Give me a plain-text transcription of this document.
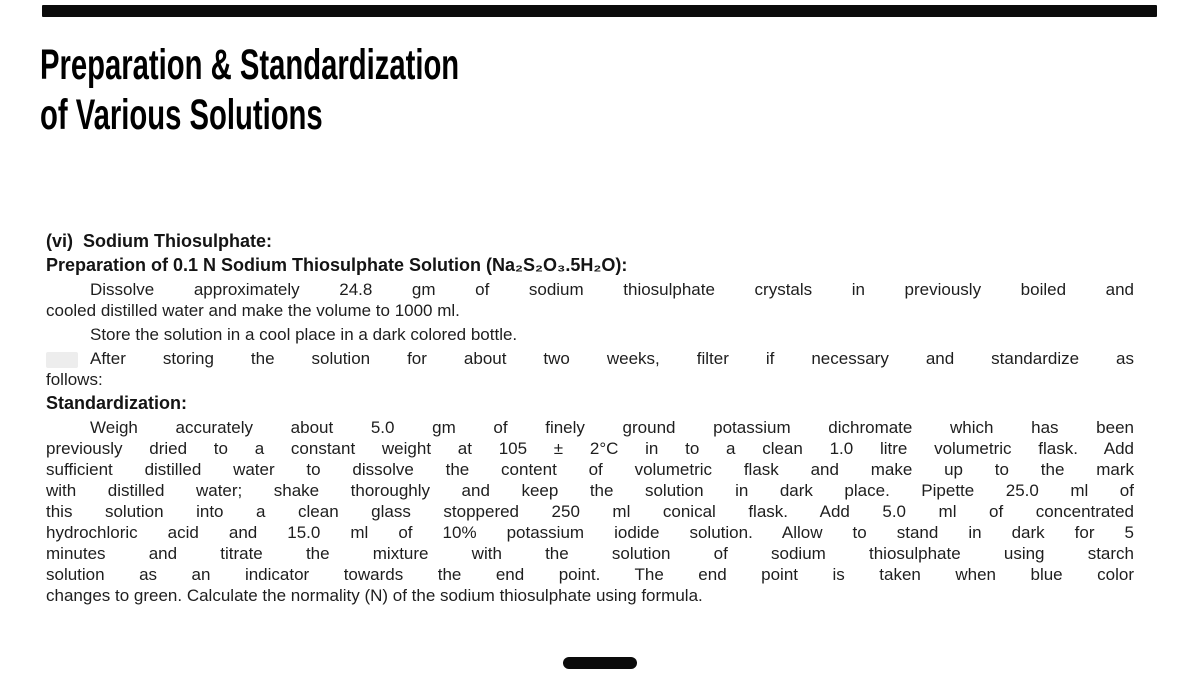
Preparation & Standardization
of Various Solutions
(vi)  Sodium Thiosulphate:
Preparation of 0.1 N Sodium Thiosulphate Solution (Na₂S₂O₃.5H₂O):
Dissolve approximately 24.8 gm of sodium thiosulphate crystals in previously boiled and
cooled distilled water and make the volume to 1000 ml.
Store the solution in a cool place in a dark colored bottle.
After storing the solution for about two weeks, filter if necessary and standardize as
follows:
Standardization:
Weigh accurately about 5.0 gm of finely ground potassium dichromate which has been
previously dried to a constant weight at 105 ± 2°C in to a clean 1.0 litre volumetric flask. Add
sufficient distilled water to dissolve the content of volumetric flask and make up to the mark
with distilled water; shake thoroughly and keep the solution in dark place. Pipette 25.0 ml of
this solution into a clean glass stoppered 250 ml conical flask. Add 5.0 ml of concentrated
hydrochloric acid and 15.0 ml of 10% potassium iodide solution. Allow to stand in dark for 5
minutes and titrate the mixture with the solution of sodium thiosulphate using starch
solution as an indicator towards the end point. The end point is taken when blue color
changes to green. Calculate the normality (N) of the sodium thiosulphate using formula.
